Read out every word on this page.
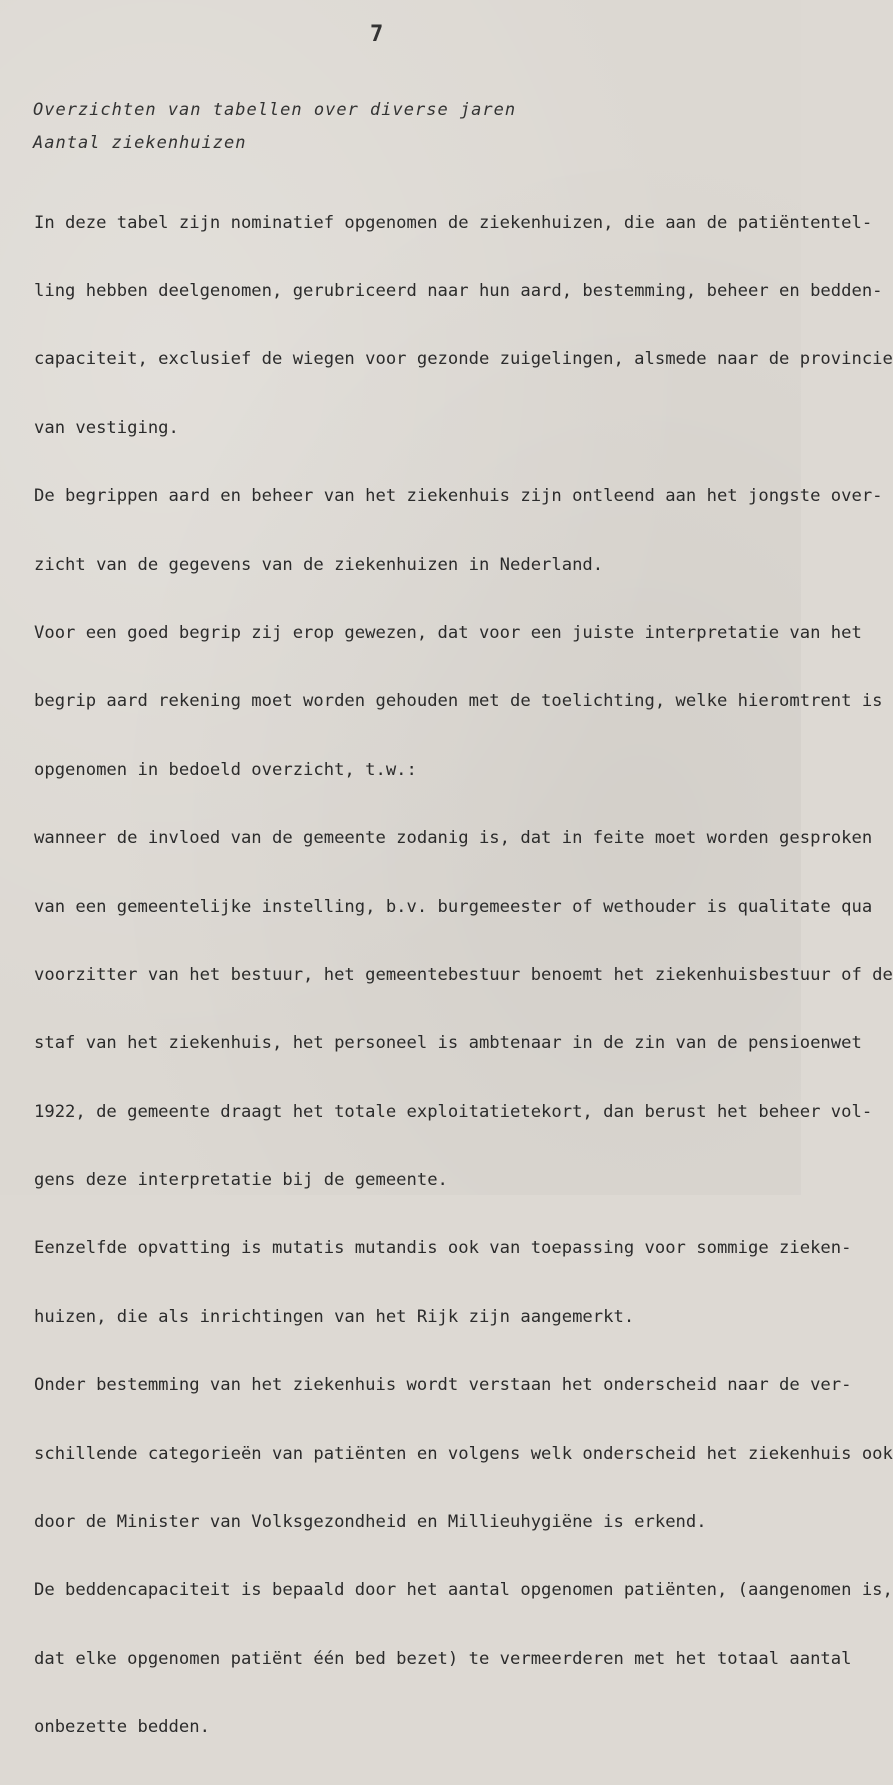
7
Overzichten van tabellen over diverse jaren
Aantal ziekenhuizen

In deze tabel zijn nominatief opgenomen de ziekenhuizen, die aan de patiëntentel-

ling hebben deelgenomen, gerubriceerd naar hun aard, bestemming, beheer en bedden-

capaciteit, exclusief de wiegen voor gezonde zuigelingen, alsmede naar de provincie

van vestiging.

De begrippen aard en beheer van het ziekenhuis zijn ontleend aan het jongste over-

zicht van de gegevens van de ziekenhuizen in Nederland.

Voor een goed begrip zij erop gewezen, dat voor een juiste interpretatie van het

begrip aard rekening moet worden gehouden met de toelichting, welke hieromtrent is

opgenomen in bedoeld overzicht, t.w.:

wanneer de invloed van de gemeente zodanig is, dat in feite moet worden gesproken

van een gemeentelijke instelling, b.v. burgemeester of wethouder is qualitate qua

voorzitter van het bestuur, het gemeentebestuur benoemt het ziekenhuisbestuur of de

staf van het ziekenhuis, het personeel is ambtenaar in de zin van de pensioenwet

1922, de gemeente draagt het totale exploitatietekort, dan berust het beheer vol-

gens deze interpretatie bij de gemeente.

Eenzelfde opvatting is mutatis mutandis ook van toepassing voor sommige zieken-

huizen, die als inrichtingen van het Rijk zijn aangemerkt.

Onder bestemming van het ziekenhuis wordt verstaan het onderscheid naar de ver-

schillende categorieën van patiënten en volgens welk onderscheid het ziekenhuis ook

door de Minister van Volksgezondheid en Millieuhygiëne is erkend.

De beddencapaciteit is bepaald door het aantal opgenomen patiënten, (aangenomen is,

dat elke opgenomen patiënt één bed bezet) te vermeerderen met het totaal aantal

onbezette bedden.
